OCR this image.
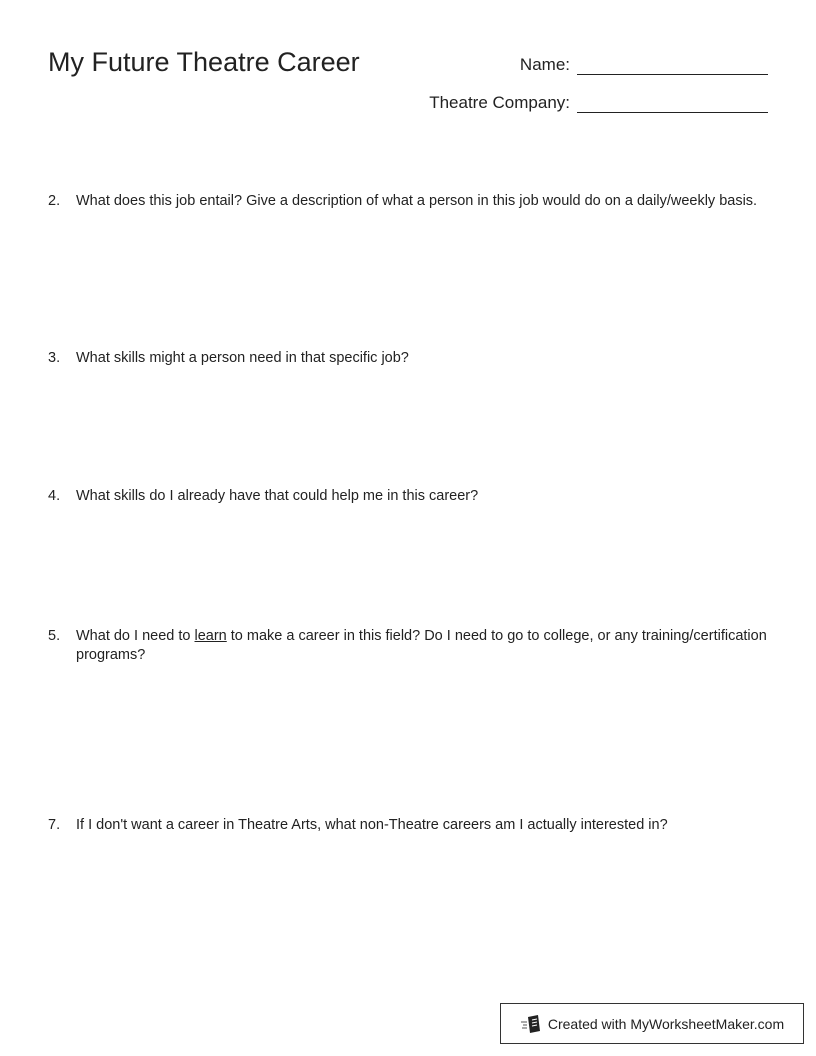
My Future Theatre Career	Name:
Theatre Company:
2.	What does this job entail? Give a description of what a person in this job would do on a daily/weekly basis.
3.	What skills might a person need in that specific job?
4.	What skills do I already have that could help me in this career?
5.	What do I need to learn to make a career in this field? Do I need to go to college, or any training/certification programs?
7.	If I don't want a career in Theatre Arts, what non-Theatre careers am I actually interested in?
Created with MyWorksheetMaker.com
